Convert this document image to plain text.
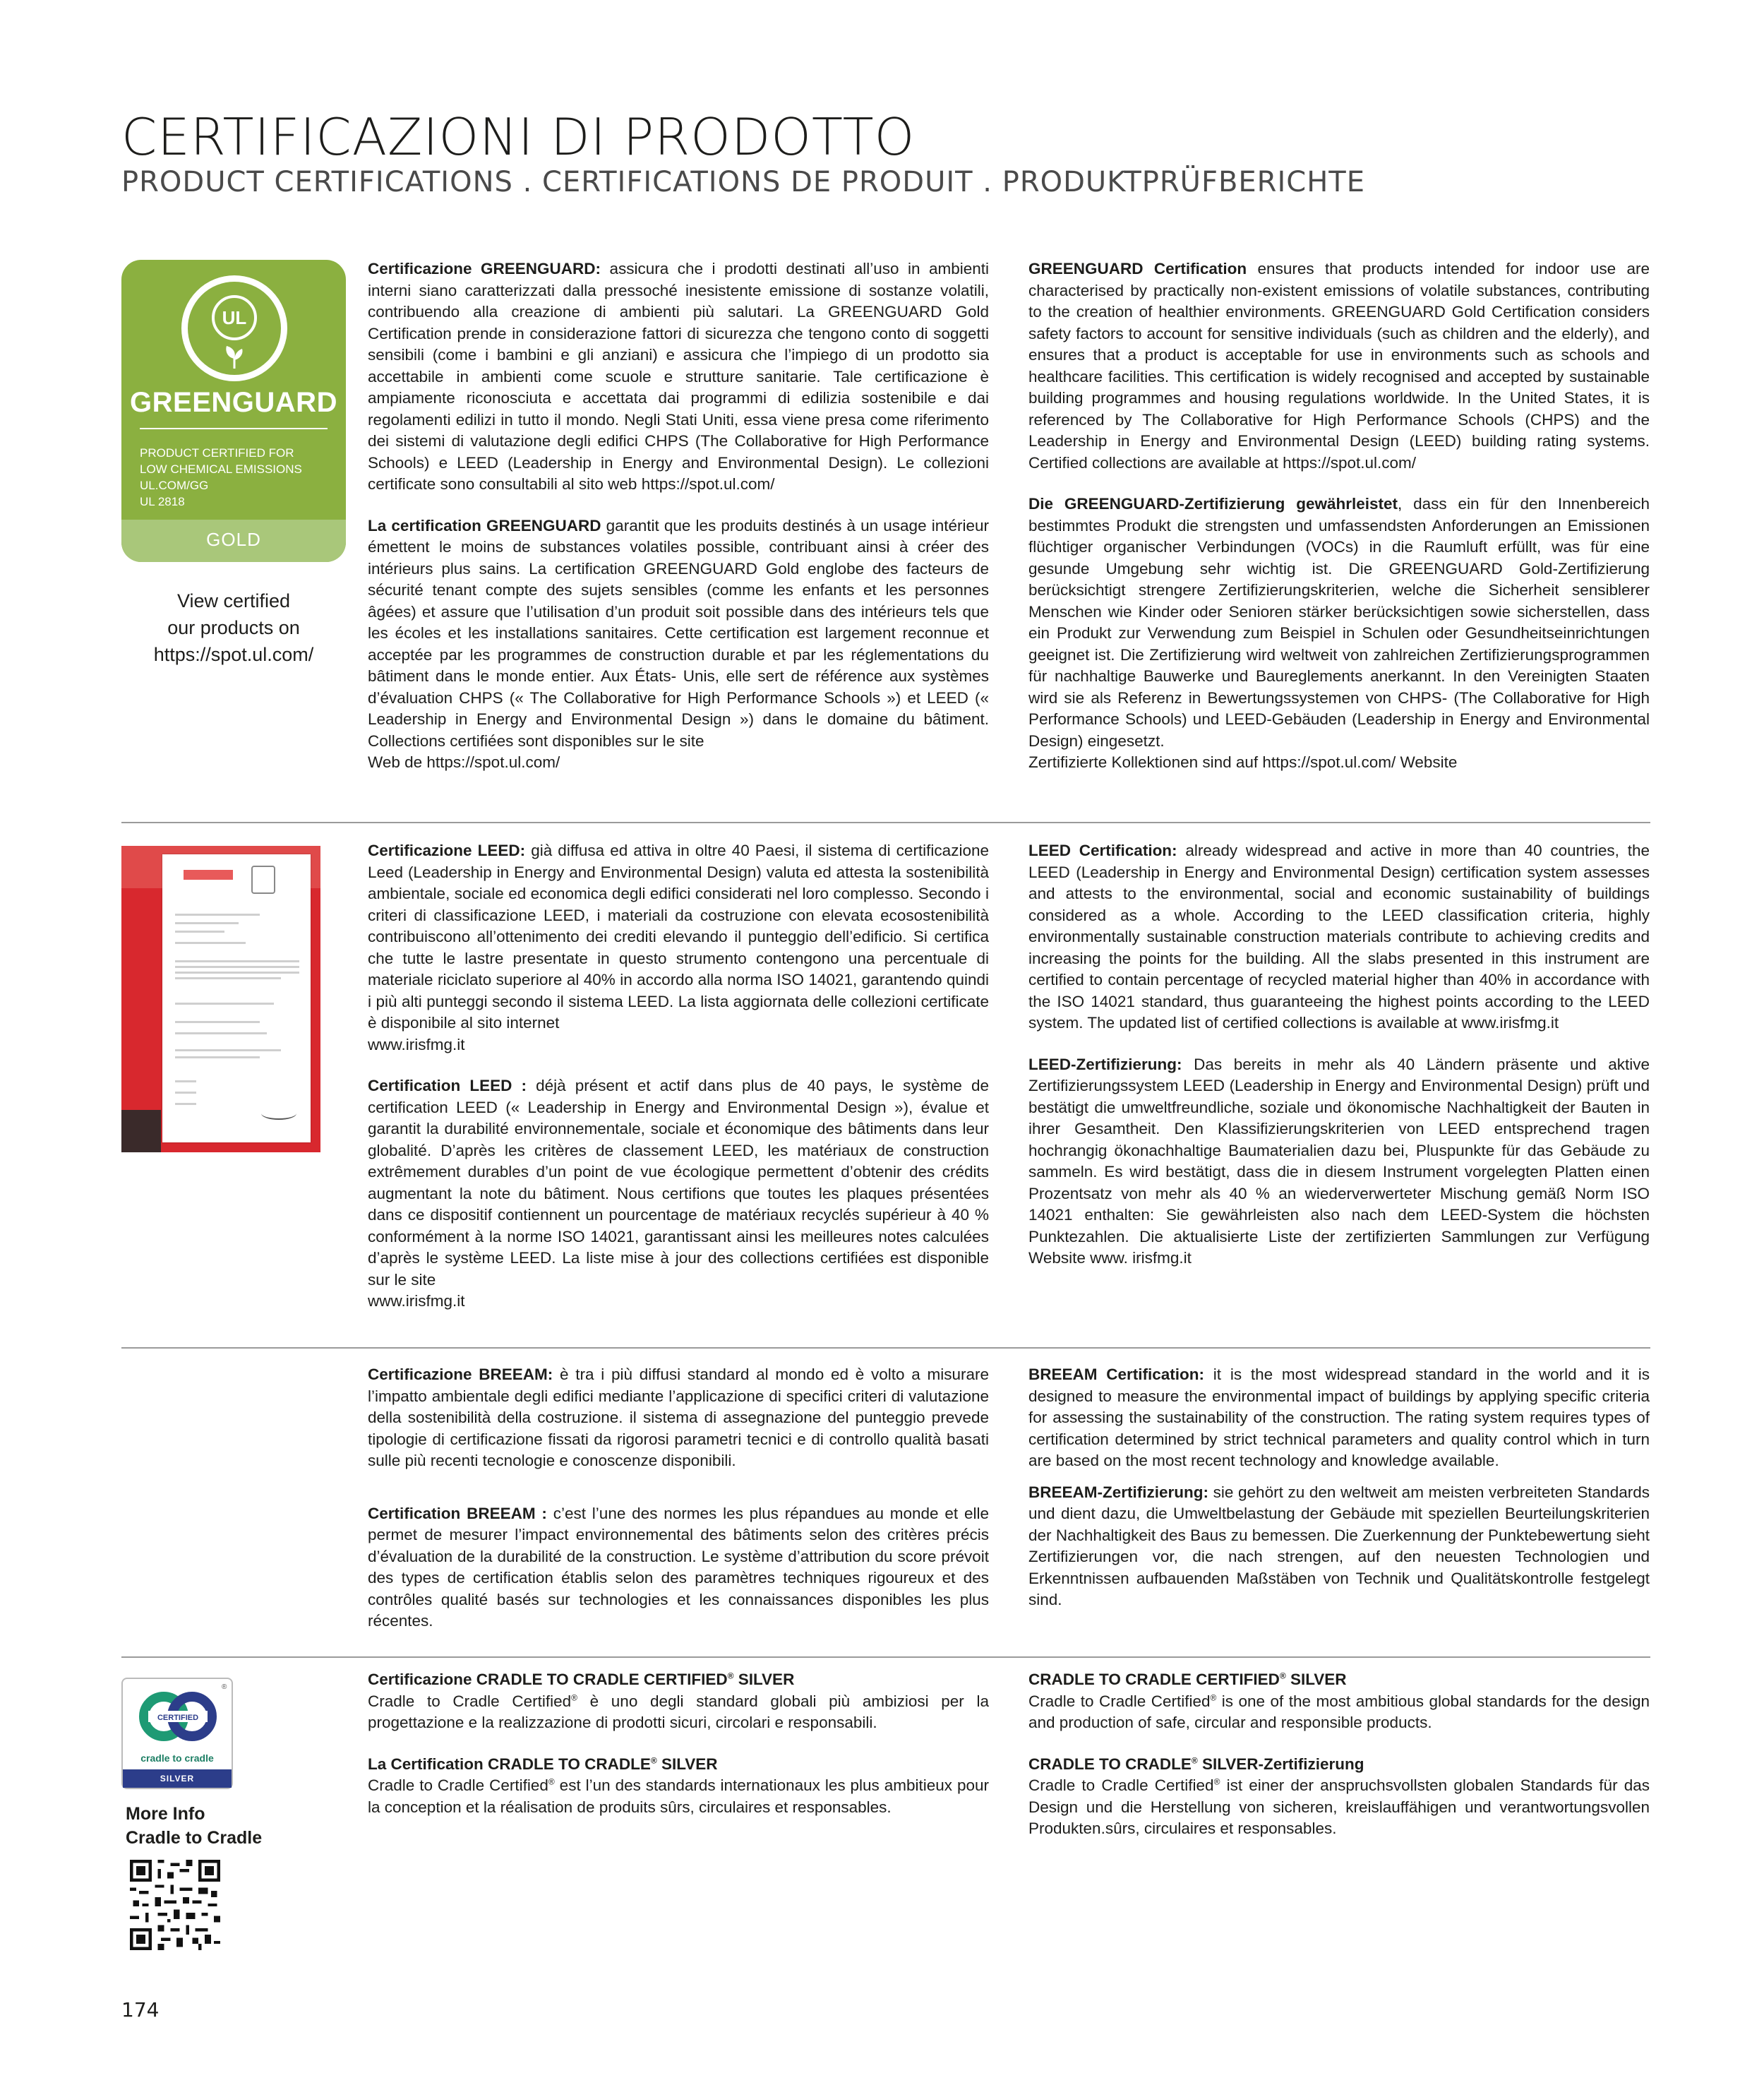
CERTIFICAZIONI DI PRODOTTO
PRODUCT CERTIFICATIONS . CERTIFICATIONS DE PRODUIT . PRODUKTPRÜFBERICHTE
UL
GREENGUARD
PRODUCT CERTIFIED FOR
LOW CHEMICAL EMISSIONS
UL.COM/GG
UL 2818
GOLD
View certified
our products on
https://spot.ul.com/

Certificazione GREENGUARD: assicura che i prodotti destinati all’uso in ambienti interni siano caratterizzati dalla pressoché inesistente emissione di sostanze volatili, contribuendo alla creazione di ambienti più salutari. La GREENGUARD Gold Certification prende in considerazione fattori di sicurezza che tengono conto di soggetti sensibili (come i bambini e gli anziani) e assicura che l’impiego di un prodotto sia accettabile in ambienti come scuole e strutture sanitarie. Tale certificazione è ampiamente riconosciuta e accettata dai programmi di edilizia sostenibile e dai regolamenti edilizi in tutto il mondo. Negli Stati Uniti, essa viene presa come riferimento dei sistemi di valutazione degli edifici CHPS (The Collaborative for High Performance Schools) e LEED (Leadership in Energy and Environmental Design). Le collezioni certificate sono consultabili al sito web https://spot.ul.com/

La certification GREENGUARD garantit que les produits destinés à un usage intérieur émettent le moins de substances volatiles possible, contribuant ainsi à créer des intérieurs plus sains. La certification GREENGUARD Gold englobe des facteurs de sécurité tenant compte des sujets sensibles (comme les enfants et les personnes âgées) et assure que l’utilisation d’un produit soit possible dans des intérieurs tels que les écoles et les installations sanitaires. Cette certification est largement reconnue et acceptée par les programmes de construction durable et par les réglementations du bâtiment dans le monde entier. Aux États- Unis, elle sert de référence aux systèmes d’évaluation CHPS (« The Collaborative for High Performance Schools ») et LEED (« Leadership in Energy and Environmental Design ») dans le domaine du bâtiment. Collections certifiées sont disponibles sur le site
Web de https://spot.ul.com/

GREENGUARD Certification ensures that products intended for indoor use are characterised by practically non-existent emissions of volatile substances, contributing to the creation of healthier environments. GREENGUARD Gold Certification considers safety factors to account for sensitive individuals (such as children and the elderly), and ensures that a product is acceptable for use in environments such as schools and healthcare facilities. This certification is widely recognised and accepted by sustainable building programmes and housing regulations worldwide. In the United States, it is referenced by The Collaborative for High Performance Schools (CHPS) and the Leadership in Energy and Environmental Design (LEED) building rating systems. Certified collections are available at https://spot.ul.com/

Die GREENGUARD-Zertifizierung gewährleistet, dass ein für den Innenbereich bestimmtes Produkt die strengsten und umfassendsten Anforderungen an Emissionen flüchtiger organischer Verbindungen (VOCs) in die Raumluft erfüllt, was für eine gesunde Umgebung sehr wichtig ist. Die GREENGUARD Gold-Zertifizierung berücksichtigt strengere Zertifizierungskriterien, welche die Sicherheit sensiblerer Menschen wie Kinder oder Senioren stärker berücksichtigen sowie sicherstellen, dass ein Produkt zur Verwendung zum Beispiel in Schulen oder Gesundheitseinrichtungen geeignet ist. Die Zertifizierung wird weltweit von zahlreichen Zertifizierungsprogrammen für nachhaltige Bauwerke und Baureglements anerkannt. In den Vereinigten Staaten wird sie als Referenz in Bewertungssystemen von CHPS- (The Collaborative for High Performance Schools) und LEED-Gebäuden (Leadership in Energy and Environmental Design) eingesetzt.
Zertifizierte Kollektionen sind auf https://spot.ul.com/ Website

Certificazione LEED: già diffusa ed attiva in oltre 40 Paesi, il sistema di certificazione Leed (Leadership in Energy and Environmental Design) valuta ed attesta la sostenibilità ambientale, sociale ed economica degli edifici considerati nel loro complesso. Secondo i criteri di classificazione LEED, i materiali da costruzione con elevata ecosostenibilità contribuiscono all’ottenimento dei crediti elevando il punteggio dell’edificio. Si certifica che tutte le lastre presentate in questo strumento contengono una percentuale di materiale riciclato superiore al 40% in accordo alla norma ISO 14021, garantendo quindi i più alti punteggi secondo il sistema LEED. La lista aggiornata delle collezioni certificate è disponibile al sito internet
www.irisfmg.it

Certification LEED : déjà présent et actif dans plus de 40 pays, le système de certification LEED (« Leadership in Energy and Environmental Design »), évalue et garantit la durabilité environnementale, sociale et économique des bâtiments dans leur globalité. D’après les critères de classement LEED, les matériaux de construction extrêmement durables d’un point de vue écologique permettent d’obtenir des crédits augmentant la note du bâtiment. Nous certifions que toutes les plaques présentées dans ce dispositif contiennent un pourcentage de matériaux recyclés supérieur à 40 % conformément à la norme ISO 14021, garantissant ainsi les meilleures notes calculées d’après le système LEED. La liste mise à jour des collections certifiées est disponible sur le site
www.irisfmg.it

LEED Certification: already widespread and active in more than 40 countries, the LEED (Leadership in Energy and Environmental Design) certification system assesses and attests to the environmental, social and economic sustainability of buildings considered as a whole. According to the LEED classification criteria, highly environmentally sustainable construction materials contribute to achieving credits and increasing the points for the building. All the slabs presented in this instrument are certified to contain percentage of recycled material higher than 40% in accordance with the ISO 14021 standard, thus guaranteeing the highest points according to the LEED system. The updated list of certified collections is available at www.irisfmg.it

LEED-Zertifizierung: Das bereits in mehr als 40 Ländern präsente und aktive Zertifizierungssystem LEED (Leadership in Energy and Environmental Design) prüft und bestätigt die umweltfreundliche, soziale und ökonomische Nachhaltigkeit der Bauten in ihrer Gesamtheit. Den Klassifizierungskriterien von LEED entsprechend tragen hochrangig ökonachhaltige Baumaterialien dazu bei, Pluspunkte für das Gebäude zu sammeln. Es wird bestätigt, dass die in diesem Instrument vorgelegten Platten einen Prozentsatz von mehr als 40 % an wiederverwerteter Mischung gemäß Norm ISO 14021 enthalten: Sie gewährleisten also nach dem LEED-System die höchsten Punktezahlen. Die aktualisierte Liste der zertifizierten Sammlungen zur Verfügung Website www. irisfmg.it

Certificazione BREEAM: è tra i più diffusi standard al mondo ed è volto a misurare l’impatto ambientale degli edifici mediante l’applicazione di specifici criteri di valutazione della sostenibilità della costruzione. il sistema di assegnazione del punteggio prevede tipologie di certificazione fissati da rigorosi parametri tecnici e di controllo qualità basati sulle più recenti tecnologie e conoscenze disponibili.

Certification BREEAM : c’est l’une des normes les plus répandues au monde et elle permet de mesurer l’impact environnemental des bâtiments selon des critères précis d’évaluation de la durabilité de la construction. Le système d’attribution du score prévoit des types de certification établis selon des paramètres techniques rigoureux et des contrôles qualité basés sur technologies et les connaissances disponibles les plus récentes.

BREEAM Certification: it is the most widespread standard in the world and it is designed to measure the environmental impact of buildings by applying specific criteria for assessing the sustainability of the construction. The rating system requires types of certification determined by strict technical parameters and quality control which in turn are based on the most recent technology and knowledge available.

BREEAM-Zertifizierung: sie gehört zu den weltweit am meisten verbreiteten Standards und dient dazu, die Umweltbelastung der Gebäude mit speziellen Beurteilungskriterien der Nachhaltigkeit des Baus zu bemessen. Die Zuerkennung der Punktebewertung sieht Zertifizierungen vor, die nach strengen, auf den neuesten Technologien und Erkenntnissen aufbauenden Maßstäben von Technik und Qualitätskontrolle festgelegt sind.

CERTIFIED
®
cradle to cradle
SILVER
More Info
Cradle to Cradle

Certificazione CRADLE TO CRADLE CERTIFIED® SILVER
Cradle to Cradle Certified® è uno degli standard globali più ambiziosi per la progettazione e la realizzazione di prodotti sicuri, circolari e responsabili.

La Certification CRADLE TO CRADLE® SILVER
Cradle to Cradle Certified® est l’un des standards internationaux les plus ambitieux pour la conception et la réalisation de produits sûrs, circulaires et responsables.

CRADLE TO CRADLE CERTIFIED® SILVER
Cradle to Cradle Certified® is one of the most ambitious global standards for the design and production of safe, circular and responsible products.

CRADLE TO CRADLE® SILVER-Zertifizierung
Cradle to Cradle Certified® ist einer der anspruchsvollsten globalen Standards für das Design und die Herstellung von sicheren, kreislauffähigen und verantwortungsvollen Produkten.sûrs, circulaires et responsables.

174
